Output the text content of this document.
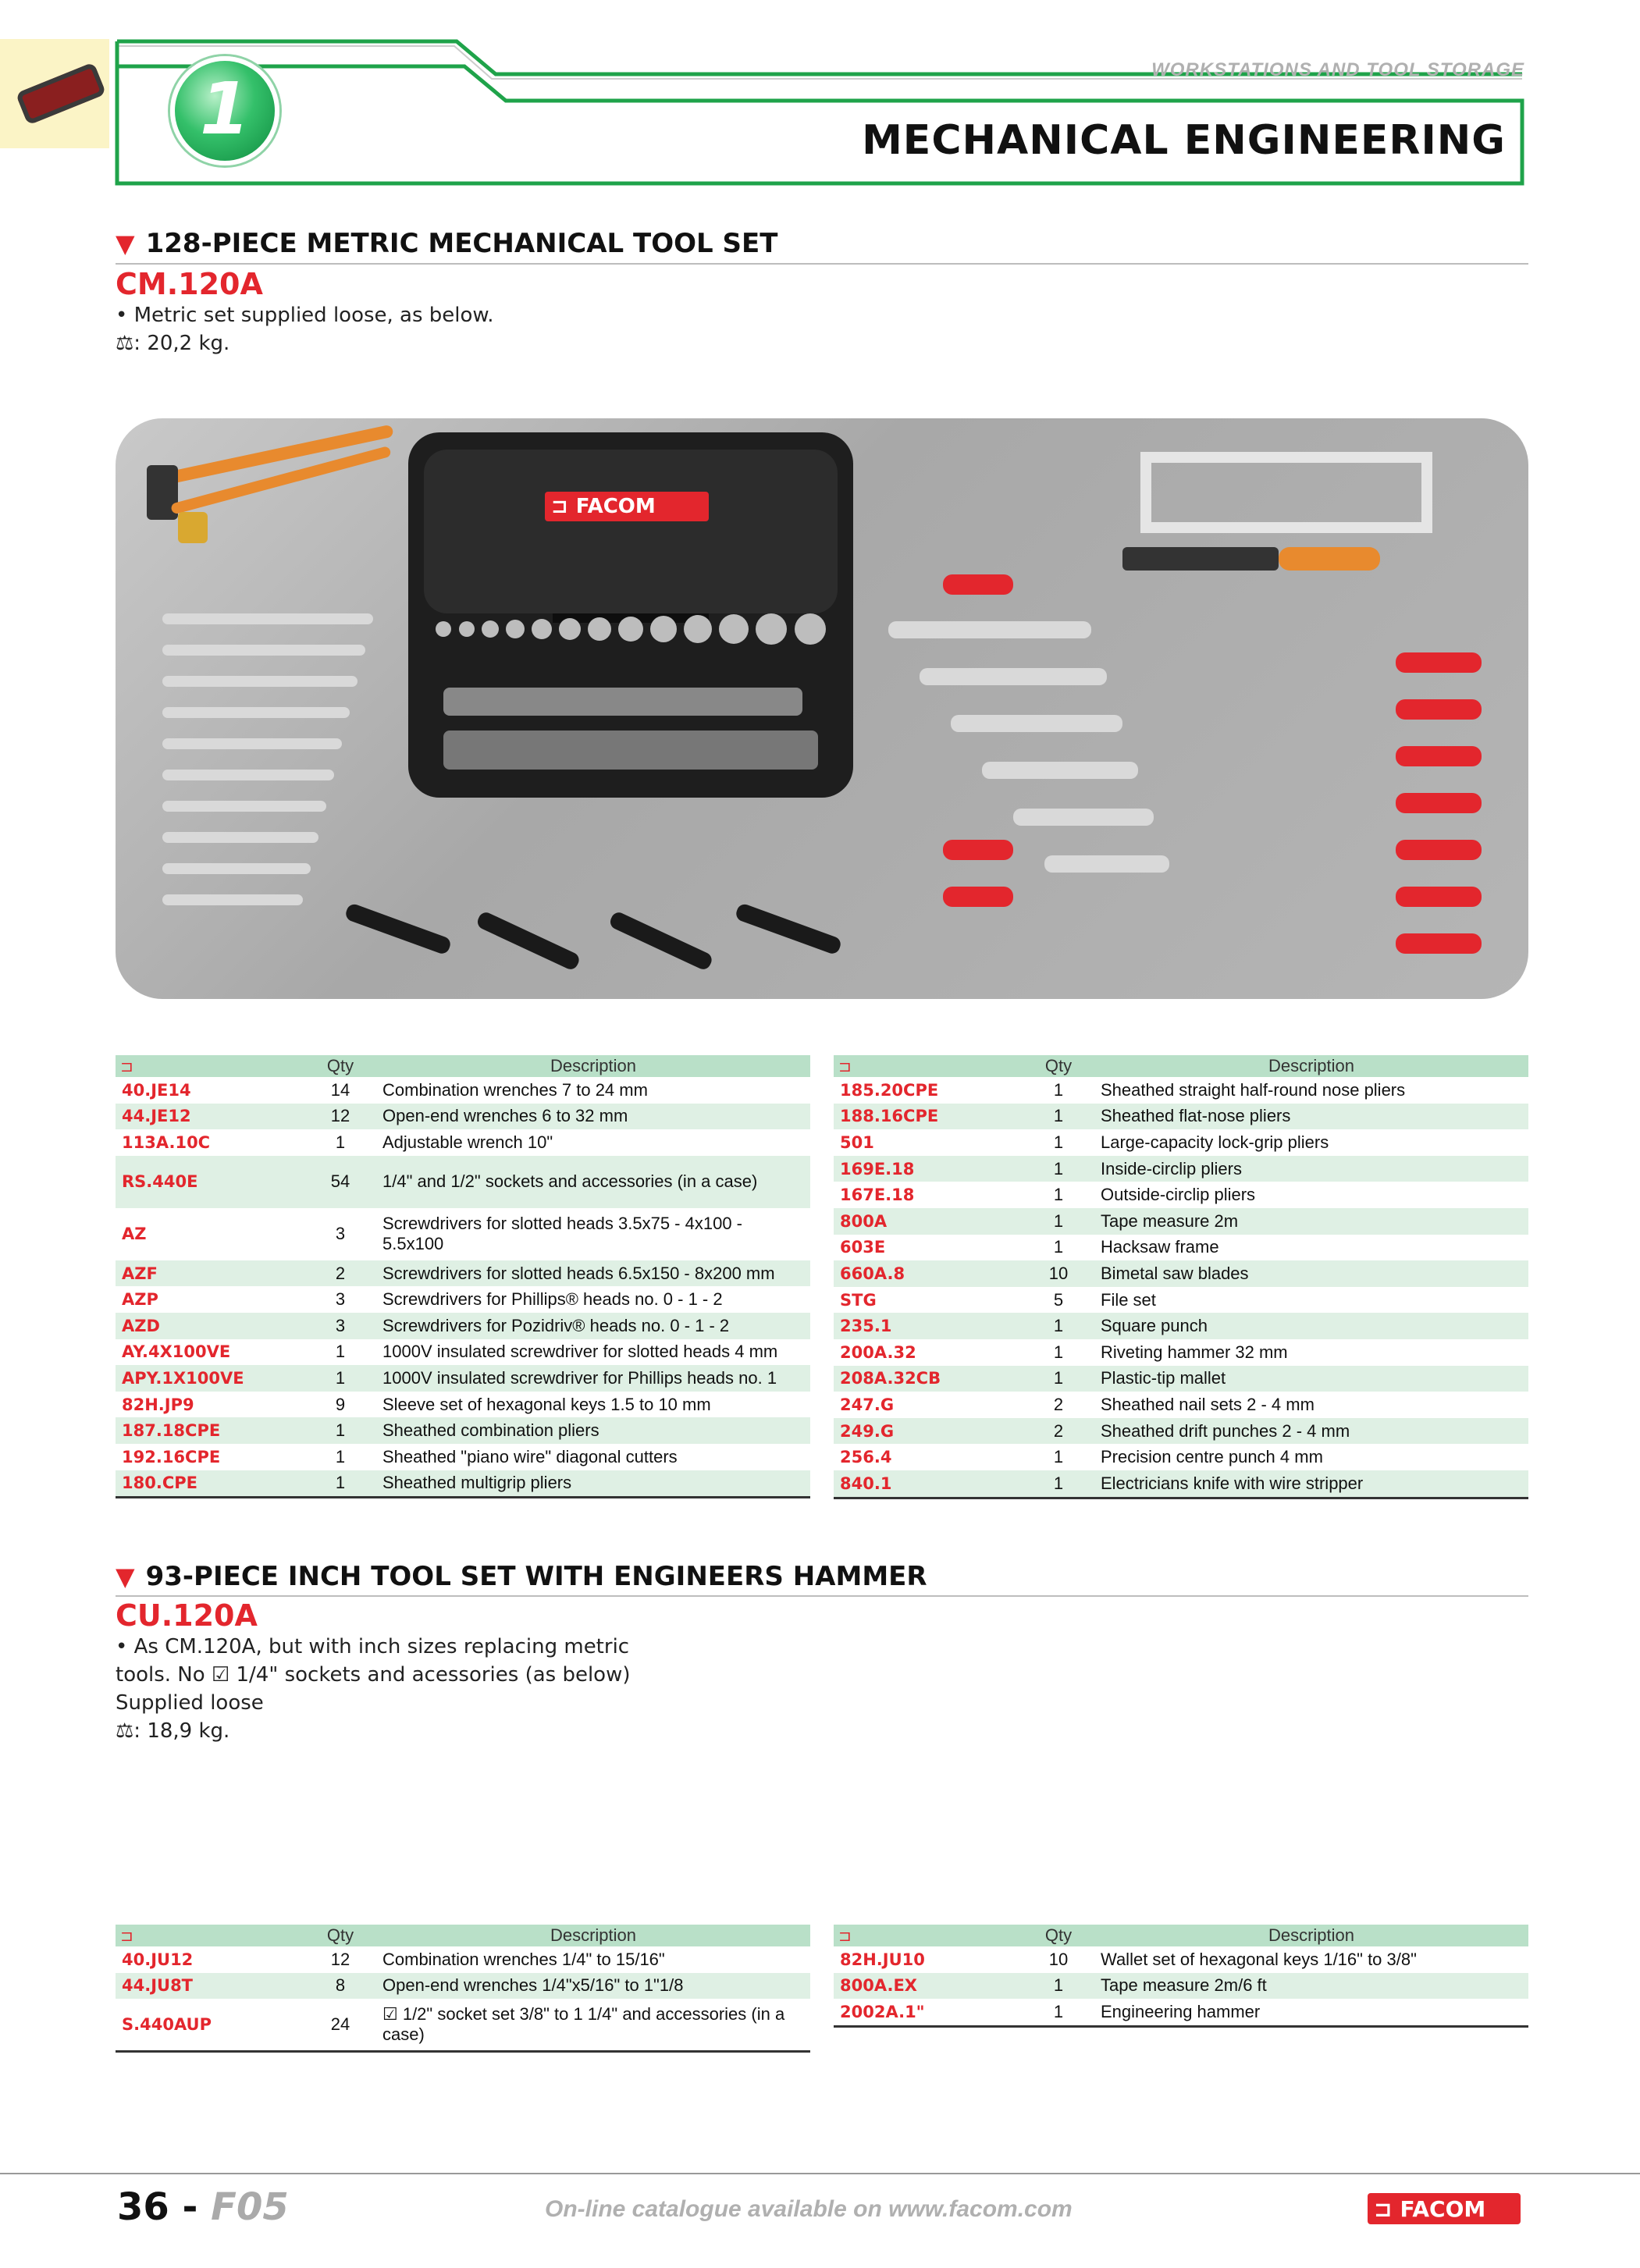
1	WORKSTATIONS AND TOOL STORAGE
MECHANICAL ENGINEERING
▼ 128-PIECE METRIC MECHANICAL TOOL SET
CM.120A
• Metric set supplied loose, as below.
⚖: 20,2 kg.
⊐ FACOM
⊐	Qty	Description
40.JE14	14	Combination wrenches 7 to 24 mm
44.JE12	12	Open-end wrenches 6 to 32 mm
113A.10C	1	Adjustable wrench 10"
RS.440E	54	1/4" and 1/2" sockets and accessories (in a case)
AZ	3	Screwdrivers for slotted heads 3.5x75 - 4x100 - 5.5x100
AZF	2	Screwdrivers for slotted heads 6.5x150 - 8x200 mm
AZP	3	Screwdrivers for Phillips® heads no. 0 - 1 - 2
AZD	3	Screwdrivers for Pozidriv® heads no. 0 - 1 - 2
AY.4X100VE	1	1000V insulated screwdriver for slotted heads 4 mm
APY.1X100VE	1	1000V insulated screwdriver for Phillips heads no. 1
82H.JP9	9	Sleeve set of hexagonal keys 1.5 to 10 mm
187.18CPE	1	Sheathed combination pliers
192.16CPE	1	Sheathed "piano wire" diagonal cutters
180.CPE	1	Sheathed multigrip pliers
⊐	Qty	Description
185.20CPE	1	Sheathed straight half-round nose pliers
188.16CPE	1	Sheathed flat-nose pliers
501	1	Large-capacity lock-grip pliers
169E.18	1	Inside-circlip pliers
167E.18	1	Outside-circlip pliers
800A	1	Tape measure 2m
603E	1	Hacksaw frame
660A.8	10	Bimetal saw blades
STG	5	File set
235.1	1	Square punch
200A.32	1	Riveting hammer 32 mm
208A.32CB	1	Plastic-tip mallet
247.G	2	Sheathed nail sets 2 - 4 mm
249.G	2	Sheathed drift punches 2 - 4 mm
256.4	1	Precision centre punch 4 mm
840.1	1	Electricians knife with wire stripper
▼ 93-PIECE INCH TOOL SET WITH ENGINEERS HAMMER
CU.120A
• As CM.120A, but with inch sizes replacing metric
tools. No ☑ 1/4" sockets and acessories (as below)
Supplied loose
⚖: 18,9 kg.
⊐	Qty	Description
40.JU12	12	Combination wrenches 1/4" to 15/16"
44.JU8T	8	Open-end wrenches 1/4"x5/16" to 1"1/8
S.440AUP	24	☑ 1/2" socket set 3/8" to 1 1/4" and accessories (in a case)
⊐	Qty	Description
82H.JU10	10	Wallet set of hexagonal keys 1/16" to 3/8"
800A.EX	1	Tape measure 2m/6 ft
2002A.1"	1	Engineering hammer
36 - F05	On-line catalogue available on www.facom.com	⊐ FACOM
